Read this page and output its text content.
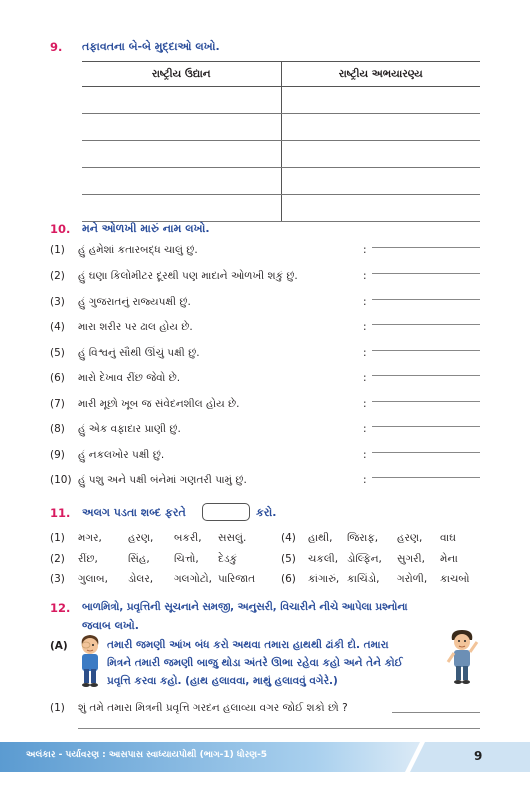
9. તફાવતના બે-બે મુદ્દાઓ લખો.
રાષ્ટ્રીય ઉદ્યાન	રાષ્ટ્રીય અભયારણ્ય

10. મને ઓળખી મારું નામ લખો.
(1) હું હમેશાં કતારબદ્ધ ચાલું છું.	:
(2) હું ઘણા કિલોમીટર દૂરથી પણ માદાને ઓળખી શકું છું.	:
(3) હું ગુજરાતનું રાજ્યપક્ષી છું.	:
(4) મારા શરીર પર ઢાલ હોય છે.	:
(5) હું વિશ્વનું સૌથી ઊંચું પક્ષી છું.	:
(6) મારો દેખાવ રીંછ જેવો છે.	:
(7) મારી મૂછો ખૂબ જ સંવેદનશીલ હોય છે.	:
(8) હું એક વફાદાર પ્રાણી છું.	:
(9) હું નકલખોર પક્ષી છું.	:
(10) હું પશુ અને પક્ષી બંનેમાં ગણતરી પામું છું.	:
11. અલગ પડતા શબ્દ ફરતે	કરો.
(1) મગર, હરણ, બકરી, સસલું.	(4) હાથી, જિરાફ, હરણ, વાઘ
(2) રીંછ,	સિંહ, ચિત્તો, દેડકું	(5) ચકલી, ડોલ્ફિન, સુગરી, મેના
(3) ગુલાબ, ડોલર, ગલગોટો, પારિજાત (6) કાંગારું, કાચિંડો, ગરોળી, કાચબો
12. બાળમિત્રો, પ્રવૃત્તિની સૂચનાને સમજી, અનુસરી, વિચારીને નીચે આપેલા પ્રશ્નોના
જવાબ લખો.
(A)	તમારી જમણી આંખ બંધ કરો અથવા તમારા હાથથી ઢાંકી દો. તમારા
મિત્રને તમારી જમણી બાજુ થોડા અંતરે ઊભા રહેવા કહો અને તેને કોઈ
પ્રવૃત્તિ કરવા કહો. (હાથ હલાવવા, માથું હલાવવું વગેરે.)
(1) શું તમે તમારા મિત્રની પ્રવૃત્તિ ગરદન હલાવ્યા વગર જોઈ શકો છો ?
અલંકાર - પર્યાવરણ : આસપાસ સ્વાધ્યાયપોથી (ભાગ-1) ધોરણ-5	9
